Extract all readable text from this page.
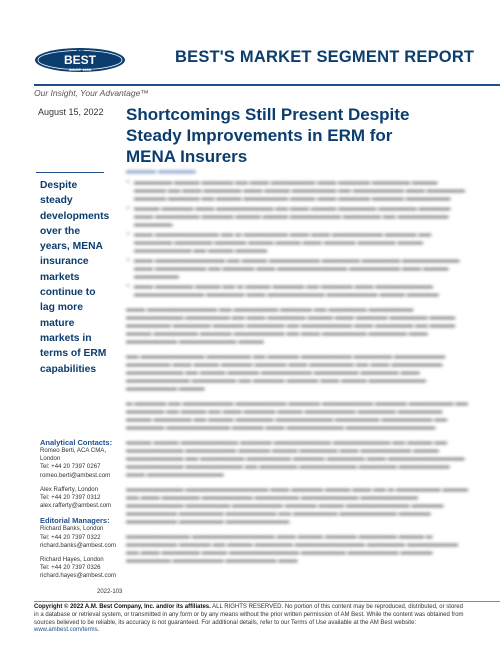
AM
BEST
SINCE 1899
BEST'S MARKET SEGMENT REPORT
Our Insight, Your Advantage™
August 15, 2022 Shortcomings Still Present Despite Steady Improvements in ERM for MENA Insurers
Despite steady developments over the years, MENA insurance markets continue to lag more mature markets in terms of ERM capabilities
▬▬▬▬ ▬▬▬▬▬
• ▬▬▬▬▬▬ ▬▬▬▬ ▬▬▬▬▬ ▬▬ ▬▬▬ ▬▬▬▬▬▬▬ ▬▬▬ ▬▬▬▬▬ ▬▬▬▬▬▬ ▬▬▬▬ ▬▬▬▬▬ ▬▬ ▬▬▬ ▬▬▬▬▬▬ ▬▬▬ ▬▬▬▬ ▬▬▬▬▬▬▬ ▬▬ ▬▬▬▬▬▬▬▬ ▬▬▬ ▬▬▬▬▬▬ ▬▬▬▬▬ ▬▬▬▬▬ ▬▬ ▬▬▬▬ ▬▬▬▬▬▬▬ ▬▬▬▬ ▬▬▬ ▬▬▬▬▬ ▬▬▬▬▬ ▬▬▬▬▬▬▬
• ▬▬▬▬ ▬▬▬▬▬ ▬▬▬ ▬▬▬▬▬▬▬▬▬ ▬▬ ▬▬▬ ▬▬▬▬ ▬▬▬▬▬▬ ▬▬▬▬▬▬ ▬▬▬▬▬ ▬▬▬ ▬▬▬▬▬▬▬ ▬▬▬▬▬ ▬▬▬▬ ▬▬▬▬ ▬▬▬▬▬▬▬▬ ▬▬▬▬▬▬ ▬▬ ▬▬▬▬▬▬▬▬ ▬▬▬▬▬▬
• ▬▬▬ ▬▬▬▬▬▬▬▬▬▬ ▬▬ ▬ ▬▬▬▬▬▬▬ ▬▬▬ ▬▬▬ ▬▬▬▬▬▬▬▬ ▬▬▬▬▬ ▬▬ ▬▬▬▬▬▬ ▬▬▬▬▬▬ ▬▬▬▬▬ ▬▬▬▬ ▬▬▬▬ ▬▬▬ ▬▬▬▬▬ ▬▬▬▬▬▬ ▬▬▬▬ ▬▬▬▬▬▬▬▬▬ ▬▬ ▬▬▬▬ ▬▬▬▬▬
• ▬▬▬ ▬▬▬▬▬▬▬▬▬▬▬ ▬▬ ▬▬▬▬ ▬▬▬▬▬▬▬▬ ▬▬▬▬▬▬ ▬▬▬▬▬▬ ▬▬▬▬▬▬▬▬▬ ▬▬▬ ▬▬▬▬▬▬▬▬ ▬▬ ▬▬▬▬▬ ▬▬▬ ▬▬▬▬▬▬▬▬▬▬▬ ▬▬▬▬▬▬▬▬ ▬▬▬ ▬▬▬▬ ▬▬▬▬▬▬▬
• ▬▬▬ ▬▬▬▬▬▬ ▬▬▬▬ ▬▬ ▬ ▬▬▬▬ ▬▬▬▬▬ ▬▬ ▬▬▬▬▬ ▬▬▬ ▬▬▬▬▬▬▬▬▬ ▬▬▬▬▬▬▬▬▬▬▬ ▬▬▬▬▬▬ ▬▬▬ ▬▬▬▬▬▬▬▬▬ ▬▬▬▬▬▬▬▬ ▬▬▬▬ ▬▬▬▬▬
▬▬▬ ▬▬▬▬▬▬▬▬▬▬▬ ▬▬ ▬▬▬▬▬▬▬ ▬▬▬▬▬ ▬▬ ▬▬▬▬▬▬ ▬▬▬▬▬▬▬ ▬▬▬▬▬▬▬▬▬ ▬▬▬▬▬▬▬ ▬▬ ▬▬▬ ▬▬▬▬▬▬ ▬▬▬▬ ▬▬▬ ▬▬▬▬▬ ▬▬▬▬▬▬ ▬▬▬▬ ▬▬▬▬▬▬▬ ▬▬▬▬▬▬ ▬▬▬▬▬ ▬▬▬▬▬▬ ▬▬ ▬▬▬▬▬▬▬▬ ▬▬▬ ▬▬▬▬▬▬ ▬▬ ▬▬▬▬ ▬▬▬▬ ▬▬▬▬▬▬▬ ▬▬▬▬▬ ▬▬▬▬▬▬▬▬ ▬▬ ▬▬▬ ▬▬▬▬▬▬▬ ▬▬▬▬▬▬ ▬▬▬ ▬▬▬▬▬▬▬▬ ▬▬▬▬▬▬▬▬▬ ▬▬▬▬
▬▬ ▬▬▬▬▬▬▬▬▬▬ ▬▬▬▬▬▬▬ ▬▬ ▬▬▬▬▬ ▬▬▬▬▬▬▬▬ ▬▬▬▬▬▬ ▬▬▬▬▬▬▬▬ ▬▬▬▬▬▬▬ ▬▬▬ ▬▬▬▬ ▬▬▬▬▬ ▬▬▬▬▬ ▬▬▬ ▬▬▬▬▬▬▬ ▬▬ ▬▬▬ ▬▬▬▬▬▬▬▬ ▬▬▬▬▬▬▬▬▬ ▬▬ ▬▬▬▬ ▬▬▬▬▬ ▬▬▬▬▬▬▬▬ ▬▬▬▬▬▬▬ ▬▬▬▬▬▬ ▬▬▬ ▬▬▬▬▬▬▬▬▬▬ ▬▬▬▬▬▬▬ ▬▬ ▬▬▬▬▬ ▬▬▬▬▬ ▬▬▬ ▬▬▬▬ ▬▬▬▬▬▬▬▬▬ ▬▬▬▬▬▬▬▬ ▬▬▬▬
▬ ▬▬▬▬▬ ▬▬ ▬▬▬▬▬▬▬▬ ▬▬▬▬▬▬▬▬ ▬▬▬▬▬ ▬▬▬▬▬▬▬▬ ▬▬▬▬▬ ▬▬▬▬▬▬▬ ▬▬ ▬▬▬▬▬▬ ▬▬ ▬▬▬▬ ▬▬ ▬▬▬ ▬▬▬▬▬ ▬▬▬▬ ▬▬▬▬▬▬▬▬ ▬▬▬▬▬▬ ▬▬▬▬▬▬▬ ▬▬▬▬ ▬▬▬▬▬▬ ▬▬ ▬▬▬▬ ▬▬▬▬▬▬ ▬▬▬▬▬▬▬▬▬ ▬▬▬▬▬▬▬ ▬▬▬▬▬▬▬▬ ▬▬ ▬▬▬▬▬▬ ▬▬▬▬▬▬▬▬▬▬ ▬▬▬▬▬ ▬▬▬ ▬▬▬▬▬▬▬▬▬ ▬▬▬▬▬▬▬▬▬▬▬▬▬▬
▬▬▬▬ ▬▬▬▬ ▬▬▬▬▬▬▬▬▬ ▬▬▬▬▬ ▬▬▬▬▬▬▬▬▬ ▬▬▬▬▬▬▬▬▬ ▬▬ ▬▬▬▬ ▬▬ ▬▬▬▬▬▬▬▬▬ ▬▬▬▬▬▬▬▬ ▬▬▬▬▬ ▬▬▬▬ ▬▬▬▬▬▬ ▬▬▬ ▬▬▬▬▬▬▬▬ ▬▬▬▬ ▬▬▬▬▬▬▬▬▬ ▬▬ ▬▬▬▬▬▬▬ ▬▬▬▬▬▬▬ ▬▬▬▬▬ ▬▬▬▬▬▬ ▬▬▬ ▬▬▬▬▬▬▬▬▬▬▬▬ ▬▬▬▬▬▬▬▬▬ ▬▬▬▬▬▬▬▬▬ ▬▬ ▬▬▬▬▬▬ ▬▬▬▬▬▬▬▬▬ ▬▬▬▬▬▬ ▬▬▬▬▬▬▬▬ ▬▬▬ ▬▬▬▬▬▬▬▬▬▬▬▬
▬▬▬▬▬▬▬▬▬ ▬▬▬▬▬▬▬▬▬▬▬▬▬ ▬▬▬ ▬▬▬▬▬ ▬▬▬▬ ▬▬▬ ▬▬ ▬ ▬▬▬▬▬▬▬ ▬▬▬▬ ▬▬ ▬▬▬ ▬▬▬▬▬▬ ▬▬▬▬▬▬▬▬ ▬▬▬▬▬▬▬ ▬▬▬▬▬▬▬▬▬ ▬▬▬▬▬▬▬▬▬ ▬▬▬▬▬▬▬▬▬ ▬▬▬▬▬▬▬ ▬▬▬▬▬▬▬▬ ▬▬▬▬▬ ▬▬▬▬ ▬▬▬▬▬▬▬▬▬▬ ▬▬▬▬▬ ▬▬▬▬▬▬▬▬ ▬▬▬▬▬▬▬ ▬▬▬▬▬▬▬▬ ▬▬ ▬▬▬▬▬▬▬ ▬▬▬▬▬▬▬▬▬ ▬▬▬▬▬ ▬▬▬▬▬▬▬▬ ▬▬▬▬▬▬▬ ▬▬▬▬▬▬▬▬▬▬
▬▬▬▬▬▬▬▬▬▬ ▬▬▬▬▬▬▬▬▬▬▬▬▬ ▬▬▬ ▬▬▬▬ ▬▬▬▬▬ ▬▬▬▬▬▬ ▬▬▬▬ ▬ ▬▬▬▬▬▬▬▬ ▬▬▬▬▬ ▬▬ ▬▬▬▬ ▬▬▬▬▬▬ ▬▬▬▬▬▬▬▬▬▬▬ ▬▬▬▬▬▬ ▬▬▬▬▬▬▬▬ ▬▬ ▬▬▬ ▬▬▬▬▬▬ ▬▬▬▬ ▬▬▬▬▬▬▬▬▬▬▬ ▬▬▬▬▬▬▬ ▬▬▬▬▬▬▬▬ ▬▬▬▬▬ ▬▬▬▬▬▬▬ ▬▬▬▬▬▬▬▬ ▬▬▬▬▬▬▬▬ ▬▬▬
Analytical Contacts:
Romeo Berti, ACA CMA,
London
Tel: +44 20 7397 0267
romeo.berti@ambest.com
Alex Rafferty, London
Tel: +44 20 7397 0312
alex.rafferty@ambest.com
Editorial Managers:
Richard Banks, London
Tel: +44 20 7397 0322
richard.banks@ambest.com
Richard Hayes, London
Tel: +44 20 7397 0326
richard.hayes@ambest.com
2022-103
Copyright © 2022 A.M. Best Company, Inc. and/or its affiliates. ALL RIGHTS RESERVED. No portion of this content may be reproduced, distributed, or stored in a database or retrieval system, or transmitted in any form or by any means without the prior written permission of AM Best. While the content was obtained from sources believed to be reliable, its accuracy is not guaranteed. For additional details, refer to our Terms of Use available at the AM Best website: www.ambest.com/terms.
